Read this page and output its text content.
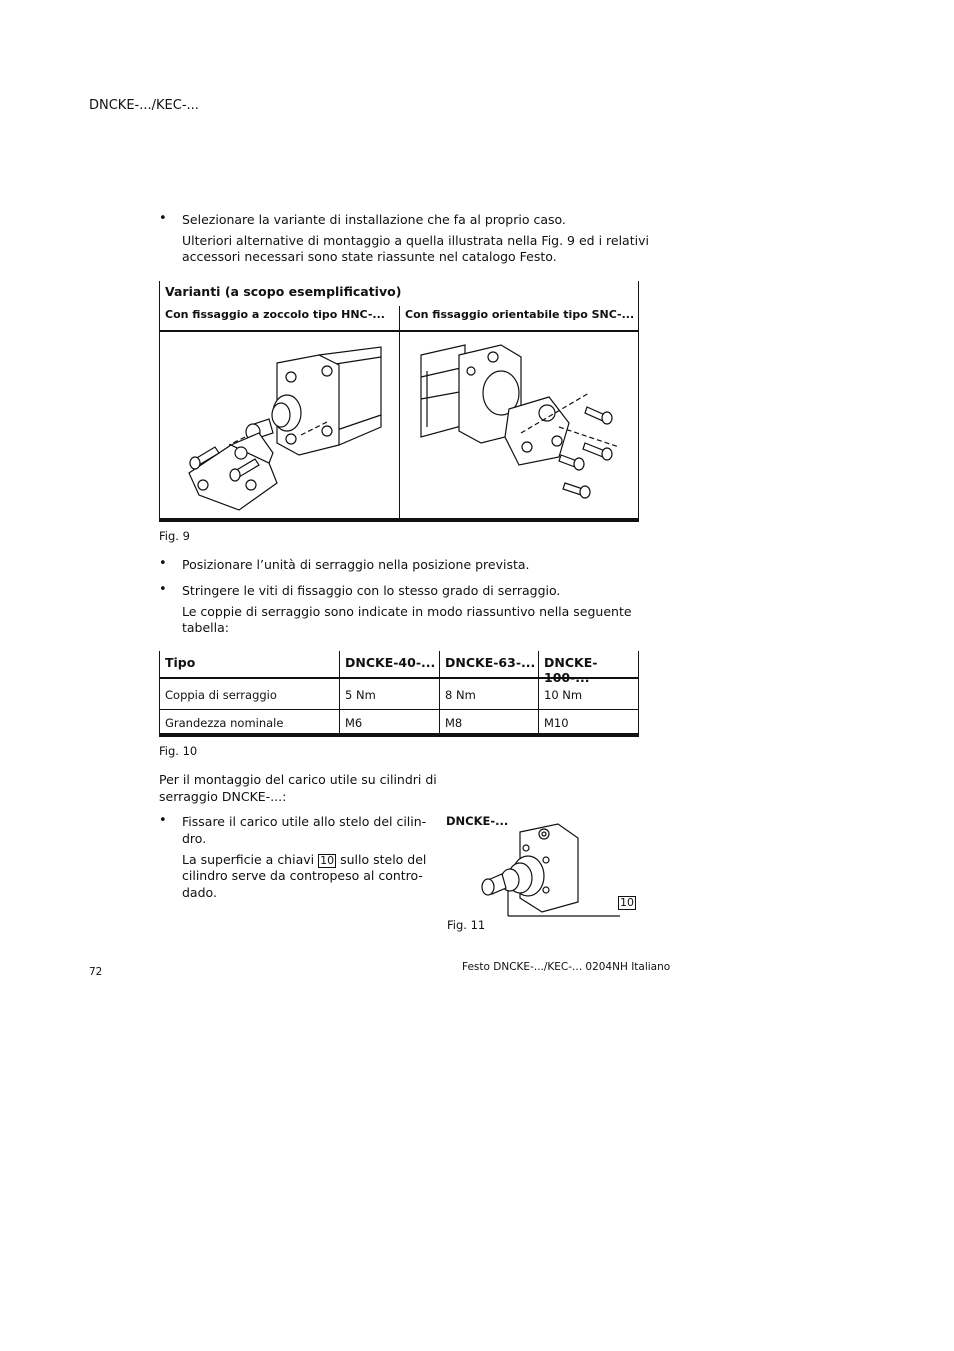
DNCKE-.../KEC-...
• Selezionare la variante di installazione che fa al proprio caso.
Ulteriori alternative di montaggio a quella illustrata nella Fig. 9 ed i relativi
accessori necessari sono state riassunte nel catalogo Festo.
Varianti (a scopo esemplificativo)
Con fissaggio a zoccolo tipo HNC-... Con fissaggio orientabile tipo SNC-...
Fig. 9
• Posizionare l’unità di serraggio nella posizione prevista.
• Stringere le viti di fissaggio con lo stesso grado di serraggio.
Le coppie di serraggio sono indicate in modo riassuntivo nella seguente
tabella:
Tipo	DNCKE-40-... DNCKE-63-... DNCKE-100-...
Coppia di serraggio	5 Nm	8 Nm	10 Nm
Grandezza nominale	M6	M8	M10
Fig. 10
Per il montaggio del carico utile su cilindri di
serraggio DNCKE-...:
• Fissare il carico utile allo stelo del cilin-
dro.
La superficie a chiavi 10 sullo stelo del
cilindro serve da contropeso al contro-
dado.
DNCKE-...
10
Fig. 11
72	Festo DNCKE-.../KEC-... 0204NH Italiano
